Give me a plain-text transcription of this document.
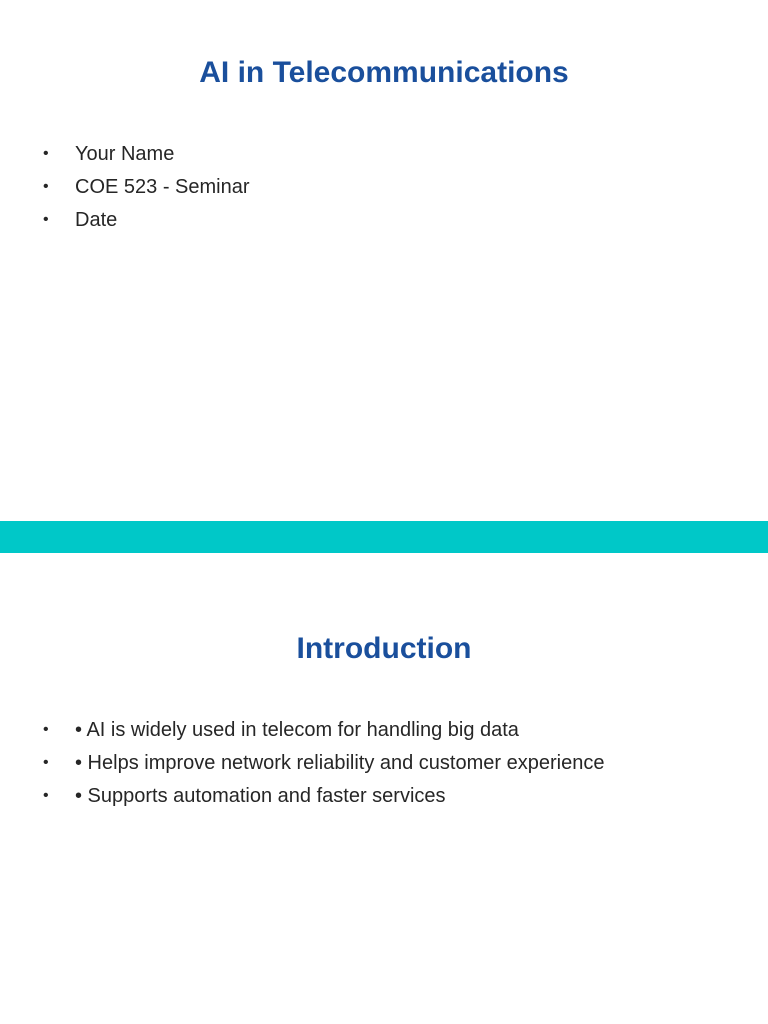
AI in Telecommunications
•	Your Name
•	COE 523 - Seminar
•	Date
Introduction
•	• AI is widely used in telecom for handling big data
•	• Helps improve network reliability and customer experience
•	• Supports automation and faster services
